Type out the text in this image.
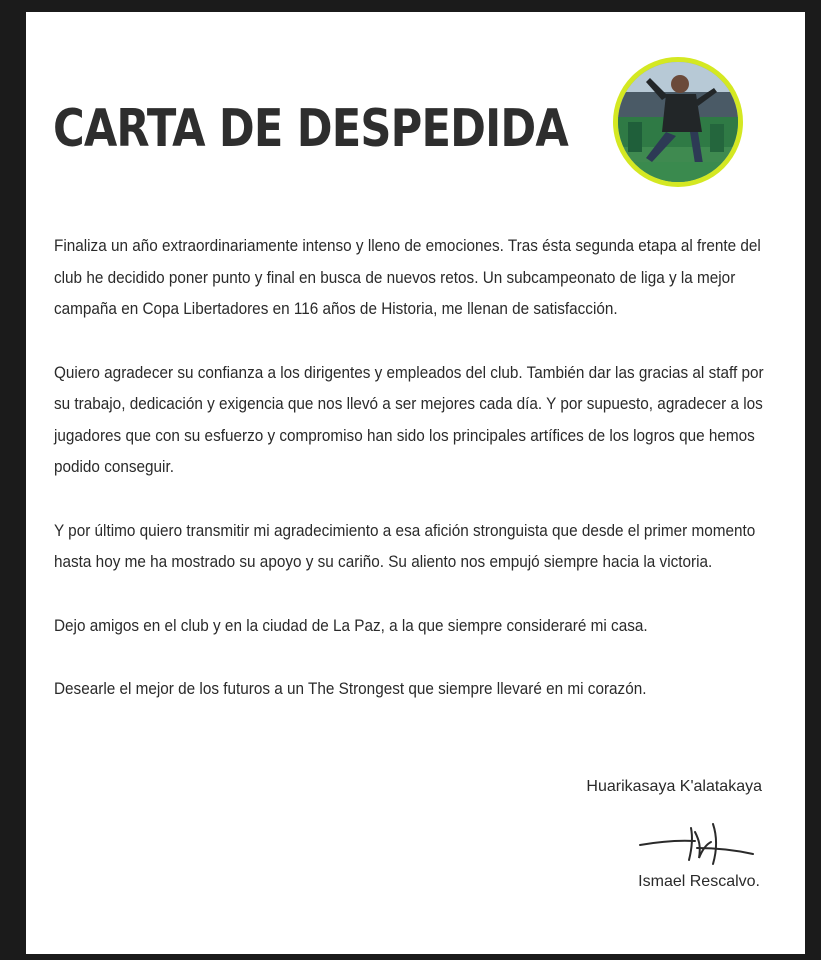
CARTA DE DESPEDIDA

Finaliza un año extraordinariamente intenso y lleno de emociones. Tras ésta segunda etapa al frente del club he decidido poner punto y final en busca de nuevos retos. Un subcampeonato de liga y la mejor campaña en Copa Libertadores en 116 años de Historia, me llenan de satisfacción.

Quiero agradecer su confianza a los dirigentes y empleados del club. También dar las gracias al staff por su trabajo, dedicación y exigencia que nos llevó a ser mejores cada día. Y por supuesto, agradecer a los jugadores que con su esfuerzo y compromiso han sido los principales artífices de los logros que hemos podido conseguir.

Y por último quiero transmitir mi agradecimiento a esa afición stronguista que desde el primer momento hasta hoy me ha mostrado su apoyo y su cariño. Su aliento nos empujó siempre hacia la victoria.

Dejo amigos en el club y en la ciudad de La Paz, a la que siempre consideraré mi casa.

Desearle el mejor de los futuros a un The Strongest que siempre llevaré en mi corazón.

Huarikasaya K'alatakaya
Ismael Rescalvo.
